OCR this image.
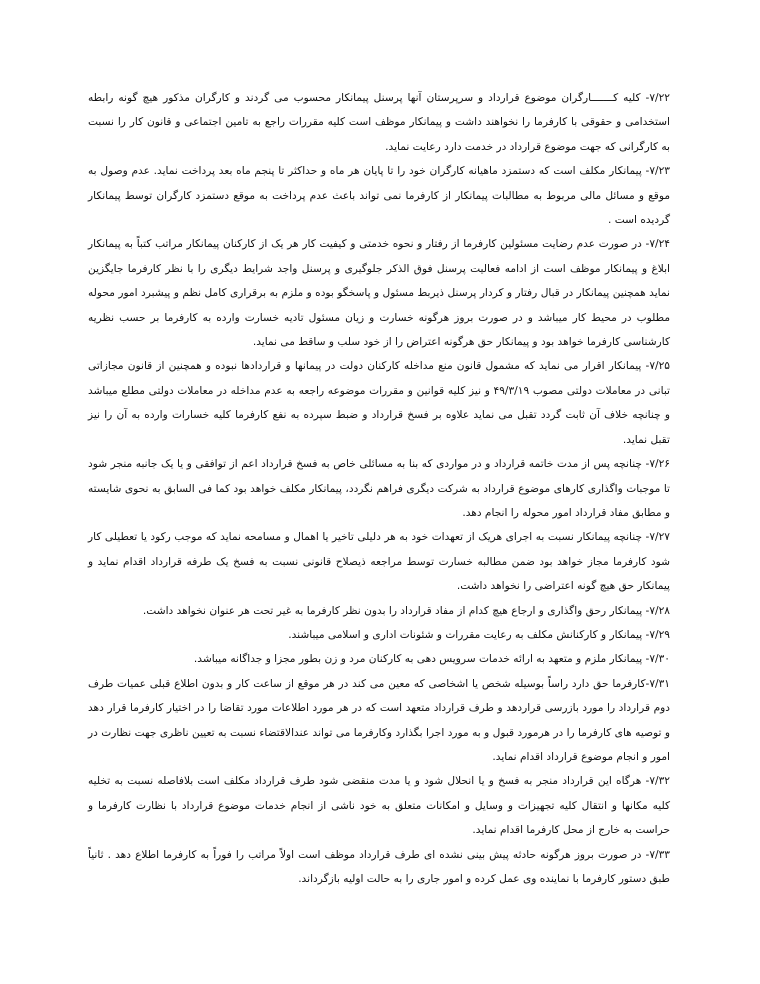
۷/۲۲- کلیه کـــــــارگران موضوع قرارداد و سرپرستان آنها پرسنل پیمانکار محسوب می گردند و کارگران مذکور هیچ گونه رابطه استخدامی و حقوقی با کارفرما را نخواهند داشت و پیمانکار موظف است کلیه مقررات راجع به تامین اجتماعی و قانون کار را نسبت به کارگرانی که جهت موضوع قرارداد در خدمت دارد رعایت نماید.

۷/۲۳- پیمانکار مکلف است که دستمزد ماهیانه کارگران خود را تا پایان هر ماه و حداکثر تا پنجم ماه بعد پرداخت نماید. عدم وصول به موقع و مسائل مالی مربوط به مطالبات پیمانکار از کارفرما نمی تواند باعث عدم پرداخت به موقع دستمزد کارگران توسط پیمانکار گردیده است .

۷/۲۴- در صورت عدم رضایت مسئولین کارفرما از رفتار و نحوه خدمتی و کیفیت کار هر یک از کارکنان پیمانکار مراتب کتباً به پیمانکار ابلاغ و پیمانکار موظف است از ادامه فعالیت پرسنل فوق الذکر جلوگیری و پرسنل واجد شرایط دیگری را با نظر کارفرما جایگزین نماید همچنین پیمانکار در قبال رفتار و کردار پرسنل ذیربط مسئول و پاسخگو بوده و ملزم به برقراری کامل نظم و پیشبرد امور محوله مطلوب در محیط کار میباشد و در صورت بروز هرگونه خسارت و زیان مسئول تادیه خسارت وارده به کارفرما بر حسب نظریه کارشناسی کارفرما خواهد بود و پیمانکار حق هرگونه اعتراض را از خود سلب و ساقط می نماید.

۷/۲۵- پیمانکار اقرار می نماید که مشمول قانون منع مداخله کارکنان دولت در پیمانها و قراردادها نبوده و همچنین از قانون مجازاتی تبانی در معاملات دولتی مصوب ۴۹/۳/۱۹ و نیز کلیه قوانین و مقررات موضوعه راجعه به عدم مداخله در معاملات دولتی مطلع میباشد و چنانچه خلاف آن ثابت گردد تقبل می نماید علاوه بر فسخ قرارداد و ضبط سپرده به نفع کارفرما کلیه خسارات وارده به آن را نیز تقبل نماید.

۷/۲۶- چنانچه پس از مدت خاتمه قرارداد و در مواردی که بنا به مسائلی خاص به فسخ قرارداد اعم از توافقی و یا یک جانبه منجر شود تا موجبات واگذاری کارهای موضوع قرارداد به شرکت دیگری فراهم نگردد، پیمانکار مکلف خواهد بود کما فی السابق به نحوی شایسته و مطابق مفاد قرارداد امور محوله را انجام دهد.

۷/۲۷- چنانچه پیمانکار نسبت به اجرای هریک از تعهدات خود به هر دلیلی تاخیر یا اهمال و مسامحه نماید که موجب رکود یا تعطیلی کار شود کارفرما مجاز خواهد بود ضمن مطالبه خسارت توسط مراجعه ذیصلاح قانونی نسبت به فسخ یک طرفه قرارداد اقدام نماید و پیمانکار حق هیچ گونه اعتراضی را نخواهد داشت.

۷/۲۸- پیمانکار رحق واگذاری و ارجاع هیچ کدام از مفاد قرارداد را بدون نظر کارفرما به غیر تحت هر عنوان نخواهد داشت.

۷/۲۹- پیمانکار و کارکنانش مکلف به رعایت مقررات و شئونات اداری و اسلامی میباشند.

۷/۳۰- پیمانکار ملزم و متعهد به ارائه خدمات سرویس دهی به کارکنان مرد و زن بطور مجزا و جداگانه میباشد.

۷/۳۱-کارفرما حق دارد راساً بوسیله شخص یا اشخاصی که معین می کند در هر موقع از ساعت کار و بدون اطلاع قبلی عمیات طرف دوم قرارداد را مورد بازرسی قراردهد و طرف قرارداد متعهد است که در هر مورد اطلاعات مورد تقاضا را در اختیار کارفرما قرار دهد و توصیه های کارفرما را در هرمورد قبول و به مورد اجرا بگذارد وکارفرما می تواند عندالاقتضاء نسبت به تعیین ناظری جهت نظارت در امور و انجام موضوع قرارداد اقدام نماید.

۷/۳۲- هرگاه این قرارداد منجر به فسخ و یا انحلال شود و یا مدت منقضی شود طرف قرارداد مکلف است بلافاصله نسبت به تخلیه کلیه مکانها و انتقال کلیه تجهیزات و وسایل و امکانات متعلق به خود ناشی از انجام خدمات موضوع قرارداد با نظارت کارفرما و حراست به خارج از محل کارفرما اقدام نماید.

۷/۳۳- در صورت بروز هرگونه حادثه پیش بینی نشده ای طرف قرارداد موظف است اولاً مراتب را فوراً به کارفرما اطلاع دهد . ثانیاً طبق دستور کارفرما با نماینده وی عمل کرده و امور جاری را به حالت اولیه بازگرداند.
